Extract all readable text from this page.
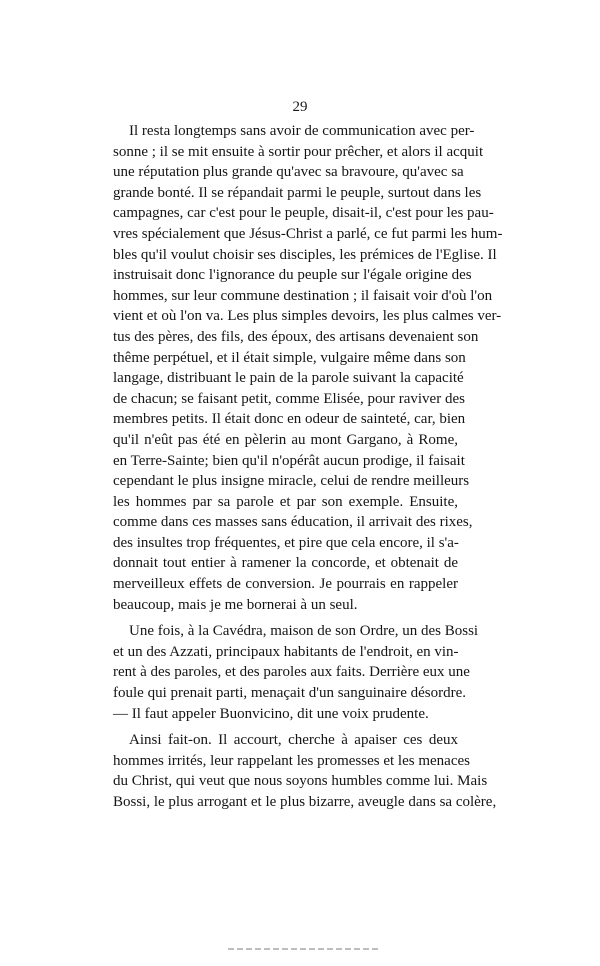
29
Il resta longtemps sans avoir de communication avec per-
sonne ; il se mit ensuite à sortir pour prêcher, et alors il acquit
une réputation plus grande qu'avec sa bravoure, qu'avec sa
grande bonté. Il se répandait parmi le peuple, surtout dans les
campagnes, car c'est pour le peuple, disait-il, c'est pour les pau-
vres spécialement que Jésus-Christ a parlé, ce fut parmi les hum-
bles qu'il voulut choisir ses disciples, les prémices de l'Eglise. Il
instruisait donc l'ignorance du peuple sur l'égale origine des
hommes, sur leur commune destination ; il faisait voir d'où l'on
vient et où l'on va. Les plus simples devoirs, les plus calmes ver-
tus des pères, des fils, des époux, des artisans devenaient son
thême perpétuel, et il était simple, vulgaire même dans son
langage, distribuant le pain de la parole suivant la capacité
de chacun; se faisant petit, comme Elisée, pour raviver des
membres petits. Il était donc en odeur de sainteté, car, bien
qu'il n'eût pas été en pèlerin au mont Gargano, à Rome,
en Terre-Sainte; bien qu'il n'opérât aucun prodige, il faisait
cependant le plus insigne miracle, celui de rendre meilleurs
les hommes par sa parole et par son exemple. Ensuite,
comme dans ces masses sans éducation, il arrivait des rixes,
des insultes trop fréquentes, et pire que cela encore, il s'a-
donnait tout entier à ramener la concorde, et obtenait de
merveilleux effets de conversion. Je pourrais en rappeler
beaucoup, mais je me bornerai à un seul.
Une fois, à la Cavédra, maison de son Ordre, un des Bossi
et un des Azzati, principaux habitants de l'endroit, en vin-
rent à des paroles, et des paroles aux faits. Derrière eux une
foule qui prenait parti, menaçait d'un sanguinaire désordre.
— Il faut appeler Buonvicino, dit une voix prudente.
Ainsi fait-on. Il accourt, cherche à apaiser ces deux
hommes irrités, leur rappelant les promesses et les menaces
du Christ, qui veut que nous soyons humbles comme lui. Mais
Bossi, le plus arrogant et le plus bizarre, aveugle dans sa colère,
